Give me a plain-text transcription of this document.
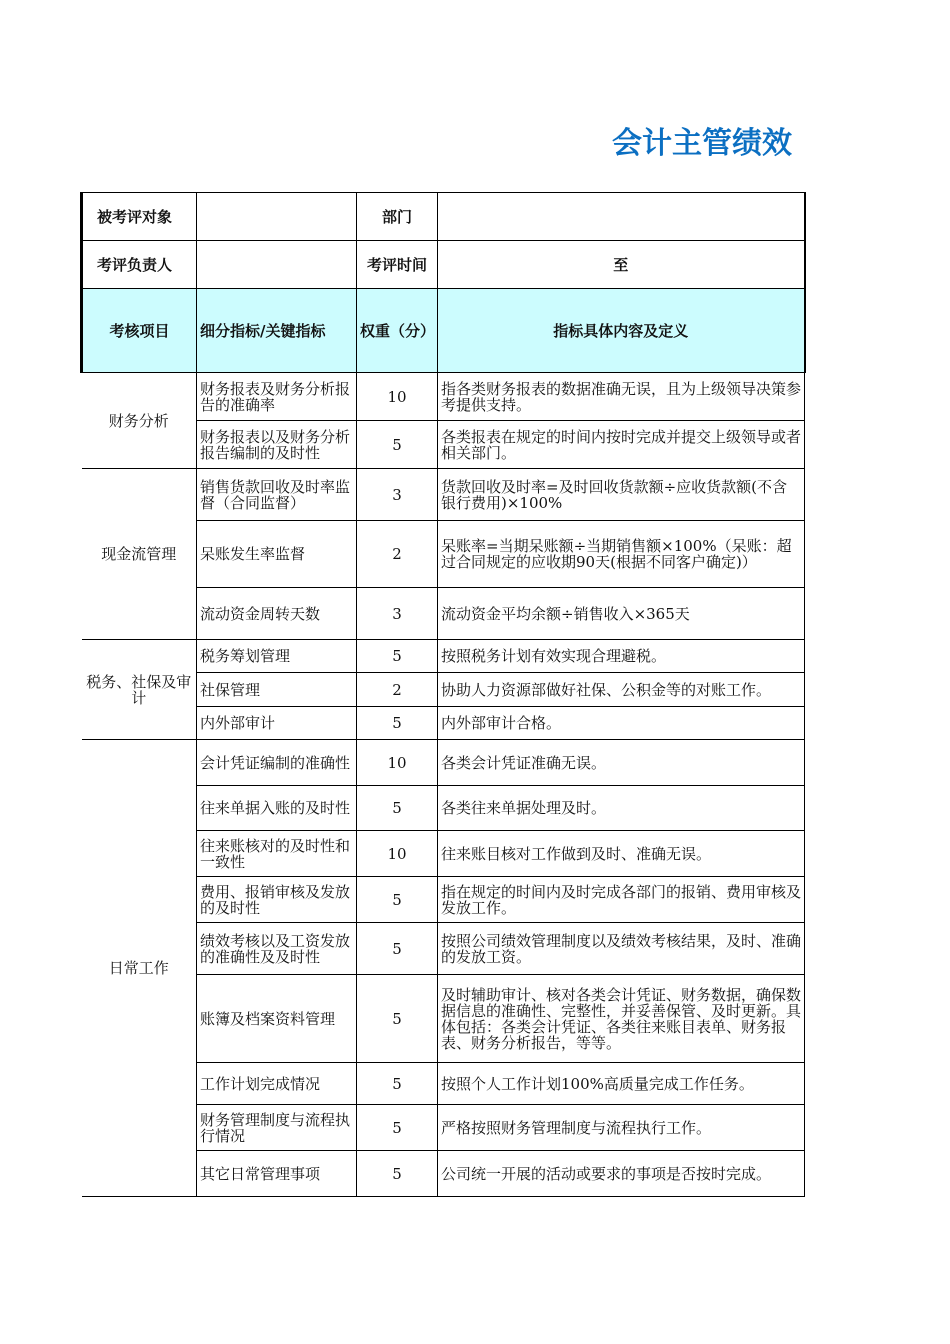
会计主管绩效
被考评对象		部门	
考评负责人		考评时间	至
考核项目	细分指标/关键指标	权重（分）	指标具体内容及定义
财务分析	财务报表及财务分析报告的准确率	10	指各类财务报表的数据准确无误，且为上级领导决策参考提供支持。
	财务报表以及财务分析报告编制的及时性	5	各类报表在规定的时间内按时完成并提交上级领导或者相关部门。
现金流管理	销售货款回收及时率监督（合同监督）	3	货款回收及时率=及时回收货款额÷应收货款额(不含银行费用)×100%
	呆账发生率监督	2	呆账率=当期呆账额÷当期销售额×100%（呆账：超过合同规定的应收期90天(根据不同客户确定)）
	流动资金周转天数	3	流动资金平均余额÷销售收入×365天
税务、社保及审计	税务筹划管理	5	按照税务计划有效实现合理避税。
	社保管理	2	协助人力资源部做好社保、公积金等的对账工作。
	内外部审计	5	内外部审计合格。
日常工作	会计凭证编制的准确性	10	各类会计凭证准确无误。
	往来单据入账的及时性	5	各类往来单据处理及时。
	往来账核对的及时性和一致性	10	往来账目核对工作做到及时、准确无误。
	费用、报销审核及发放的及时性	5	指在规定的时间内及时完成各部门的报销、费用审核及发放工作。
	绩效考核以及工资发放的准确性及及时性	5	按照公司绩效管理制度以及绩效考核结果，及时、准确的发放工资。
	账簿及档案资料管理	5	及时辅助审计、核对各类会计凭证、财务数据，确保数据信息的准确性、完整性，并妥善保管、及时更新。具体包括：各类会计凭证、各类往来账目表单、财务报表、财务分析报告，等等。
	工作计划完成情况	5	按照个人工作计划100%高质量完成工作任务。
	财务管理制度与流程执行情况	5	严格按照财务管理制度与流程执行工作。
	其它日常管理事项	5	公司统一开展的活动或要求的事项是否按时完成。
